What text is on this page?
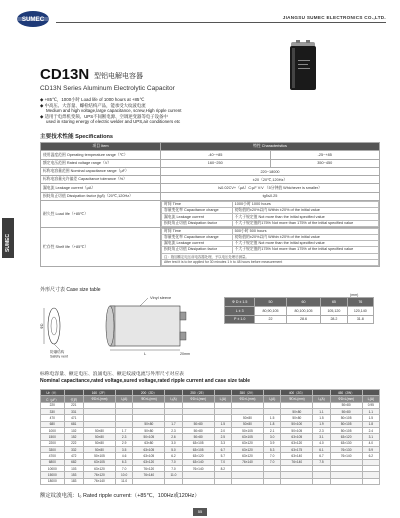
SUMEC	JIANGSU SUMEC ELECTRONICS CO.,LTD.
CD13N 型铝电解电容器
CD13N Series Aluminum Electrolytic Capacitor
◆ +85℃，1000小时 Load life of 1000 hours at +85℃
◆ 中高压、大容量、螺栓结构产品，能承受大纹波电流
Medium and high voltage,large capacitance, screw,High ripple current
◆ 适用于电焊机变频、UPS不间断电源、空调逆变器等电子设备中
used in storing energy of electric welder and UPS,air conditioners etc
主要技术性能 Specifications
SUMEC
项目 Item	特性 Characteristics
使用温度范围 Operating temperature range（℃）	-40~+85	-25~+85
额定电压范围 Rated voltage range（V）	160~250	350~450
标称电容量范围 Nominal capacitance range（μF）	220~18000
标称电容量允许偏差 Capacitance tolerance（%）	±20（20℃,120Hz）
漏电流 Leakage current（μA）	I≤0.02CV+（μA）C:μF V:V （5分钟值 Whichever is smaller）
损耗角正切值 Dissipation factor (tgδ)（20℃,120Hz）	tgδ≤0.25
耐久性 Load life（+85℃）	
时间 Time	1000小时 1000 hours
容量变化率 Capacitance change	初始值的±20%以内 Within ±20% of the initial value
漏电流 Leakage current	不大于规定值 Not more than the initial specified value
损耗角正切值 Dissipation factor	不大于规定值的175% Not more than 175% of the initial specified value

贮存性 Shelf life（+85℃）	
时间 Time	500小时 500 hours
容量变化率 Capacitance change	初始值的±20%以内 Within ±20% of the initial value
漏电流 Leakage current	不大于规定值 Not more than the initial specified value
损耗角正切值 Dissipation factor	不大于规定值的175% Not more than 175% of the initial specified value
注：施加额定电压前电容器处理，予以电压处理后测量。
After test it is to be applied for 30 minutes 1 h to 48 hours before measurement
外形尺寸表 Case size table
Vinyl sleeve
L	20mm
ΦD
防爆结构
Safety vent
(mm)
Φ D ± 1.5	50	60	65	76
L ± 3	80,90,105	80,100,105	105,120	120,140
P ± 1.0	22	28.6	28.2	31.8
标称电容量、额定电压、浪涌电压、额定纹波电流与外形尺寸对应表
Nominal capacitance,rated voltage,sured voltage,rated ripple current and case size table
Ur（V）		160（2F）		200（2D）		250（2E）		350（2V）		400（2G）		450（2W）	
C（μF）	代码	ΦD×L(mm)	I₀(A)	ΦD×L(mm)	I₀(A)	ΦD×L(mm)	I₀(A)	ΦD×L(mm)	I₀(A)	ΦD×L(mm)	I₀(A)	ΦD×L(mm)	I₀(A)
220	221											50×80	0.95
330	331									50×80	1.1	50×80	1.1
470	471							50×80	1.5	50×80	1.5	50×105	1.5
680	681			50×80	1.7	50×80	1.5	50×80	1.8	50×100	1.9	50×105	1.8
1000	102	50×80	1.7	50×80	2.3	50×80	2.0	50×105	2.1	50×105	2.3	50×105	2.4
1500	152	50×80	2.3	50×105	2.6	50×80	2.5	63×105	3.0	63×105	3.1	63×120	3.1
2200	222	50×80	2.9	63×80	3.0	63×105	3.3	63×120	3.9	63×120	4.0	63×130	4.0
3300	332	50×80	3.5	63×105	5.0	63×105	6.7	63×120	5.3	63×175	6.1	76×130	5.9
4700	472	50×105	4.6	63×105	6.2	63×120	5.7	63×120	7.0	63×140	6.7	76×140	6.2
6800	682	63×105	6.3	63×120	7.0	63×140	7.0	76×140	7.0	76×140	7.5		
10000	103	63×120	7.0	76×120	7.0	76×140	8.2						
15000	153	76×120	10.0	76×140	11.0								
18000	183	76×140	11.0										
额定纹波电流：I₀ Rated ripple current:（+85℃，100Hz或120Hz）
55
